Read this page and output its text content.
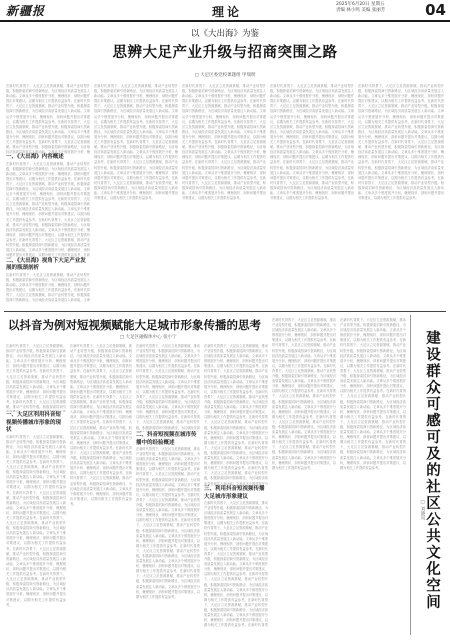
新疆报	理论
2025年6月20日 星期五
责编 林小鸣 美编 张丽芳	04
以《大出海》为鉴
思辨大足产业升级与招商突围之路
□ 大足区委党校课题组 甲瑞明
在新时代背景下，大足区立足资源禀赋，推动产业转型升级，积极探索招商引资新路径，为区域经济高质量发展注入新动能。文章从多个维度展开分析，梳理现状、剖析问题并提出对策建议，以期为相关工作提供有益参考。在新时代背景下，大足区立足资源禀赋，推动产业转型升级，积极探索招商引资新路径，为区域经济高质量发展注入新动能。文章从多个维度展开分析，梳理现状、剖析问题并提出对策建议，以期为相关工作提供有益参考。在新时代背景下，大足区立足资源禀赋，推动产业转型升级，积极探索招商引资新路径，为区域经济高质量发展注入新动能。文章从多个维度展开分析，梳理现状、剖析问题并提出对策建议，以期为相关工作提供有益参考。在新时代背景下，大足区立足资源禀赋，推动产业转型升级，积极探索招商引资新路径，为区域经济高质量发展注入新动能。文章从多个维度展开分析，梳
一、《大出海》内容概述
在新时代背景下，大足区立足资源禀赋，推动产业转型升级，积极探索招商引资新路径，为区域经济高质量发展注入新动能。文章从多个维度展开分析，梳理现状、剖析问题并提出对策建议，以期为相关工作提供有益参考。在新时代背景下，大足区立足资源禀赋，推动产业转型升级，积极探索招商引资新路径，为区域经济高质量发展注入新动能。文章从多个维度展开分析，梳理现状、剖析问题并提出对策建议，以期为相关工作提供有益参考。在新时代背景下，大足区立足资源禀赋，推动产业转型升级，积极探索招商引资新路径，为区域经济高质量发展注入新动能。文章从多个维度展开分析，梳理现状、剖析问题并提出对策建议，以期为相关工作提供有益参考。在新时代背景下，大足区立足资源禀赋，推动产业转型升级，积极探索招商引资新路径，为区域经济高质量发展注入新动能。文章从多个维度展开分析，梳理现状、剖析问题并提出对策建议，以期为相关工作提供有益参考。在新时代背景下，大足区立足资源禀赋，推动产业转型升级，积极探索招商引资新路径，为区域经济高质量发展注入新动能。文章从多个维度展开分析，梳理现状、剖析问题并提出对策建议，以期为相关工作提供有益参考。在新
二、《大出海》视角下大足产业发展的瓶颈剖析
在新时代背景下，大足区立足资源禀赋，推动产业转型升级，积极探索招商引资新路径，为区域经济高质量发展注入新动能。文章从多个维度展开分析，梳理现状、剖析问题并提出对策建议，以期为相关工作提供有益参考。在新时代背景下，大足区立足资源禀赋，推动产业转型升级，积极探索招商引资新路径，为区域经济高质量发展注入新动能。文章
在新时代背景下，大足区立足资源禀赋，推动产业转型升级，积极探索招商引资新路径，为区域经济高质量发展注入新动能。文章从多个维度展开分析，梳理现状、剖析问题并提出对策建议，以期为相关工作提供有益参考。在新时代背景下，大足区立足资源禀赋，推动产业转型升级，积极探索招商引资新路径，为区域经济高质量发展注入新动能。文章从多个维度展开分析，梳理现状、剖析问题并提出对策建议，以期为相关工作提供有益参考。在新时代背景下，大足区立足资源禀赋，推动产业转型升级，积极探索招商引资新路径，为区域经济高质量发展注入新动能。文章从多个维度展开分析，梳理现状、剖析问题并提出对策建议，以期为相关工作提供有益参考。在新时代背景下，大足区立足资源禀赋，推动产业转型升级，积极探索招商引资新路径，为区域经济高质量发展注入新动能。文章从多个维度展开分析，梳理现状、剖析问题并提出对策建议，以期为相关工作提供有益参考。在新时代背景下，大足区立足资源禀赋，推动产业转型升级，积极探索招商引资新路径，为区域经济高质量发展注入新动能。文章从多个维度展开分析，梳理现状、剖析问题并提出对策建议，以期为相关工作提供有益参考。在新时代背景下，大足区立足资源禀赋，推动产业转型升级，积极探索招商引资新路径，为区域经济高质量发展注入新动能。文章从多个维度展开分析，梳理现状、剖析问题并提出对策建议，以期为相关工作提供有益参考。
在新时代背景下，大足区立足资源禀赋，推动产业转型升级，积极探索招商引资新路径，为区域经济高质量发展注入新动能。文章从多个维度展开分析，梳理现状、剖析问题并提出对策建议，以期为相关工作提供有益参考。在新时代背景下，大足区立足资源禀赋，推动产业转型升级，积极探索招商引资新路径，为区域经济高质量发展注入新动能。文章从多个维度展开分析，梳理现状、剖析问题并提出对策建议，以期为相关工作提供有益参考。在新时代背景下，大足区立足资源禀赋，推动产业转型升级，积极探索招商引资新路径，为区域经济高质量发展注入新动能。文章从多个维度展开分析，梳理现状、剖析问题并提出对策建议，以期为相关工作提供有益参考。在新时代背景下，大足区立足资源禀赋，推动产业转型升级，积极探索招商引资新路径，为区域经济高质量发展注入新动能。文章从多个维度展开分析，梳理现状、剖析问题并提出对策建议，以期为相关工作提供有益参考。在新时代背景下，大足区立足资源禀赋，推动产业转型升级，积极探索招商引资新路径，为区域经济高质量发展注入新动能。文章从多个维度展开分析，梳理现状、剖析问题并提出对策建议，以期为相关工作提供有益参考。在新时代背景下，大足区立足资源禀赋，推动产业转型升级，积极探索招商引资新路径，为区域经济高质量发展注入新动能。文章从多个维度展开分析，梳理现状、剖析问题并提出对策建议，以期为相关工作提供有益参考。
在新时代背景下，大足区立足资源禀赋，推动产业转型升级，积极探索招商引资新路径，为区域经济高质量发展注入新动能。文章从多个维度展开分析，梳理现状、剖析问题并提出对策建议，以期为相关工作提供有益参考。在新时代背景下，大足区立足资源禀赋，推动产业转型升级，积极探索招商引资新路径，为区域经济高质量发展注入新动能。文章从多个维度展开分析，梳理现状、剖析问题并提出对策建议，以期为相关工作提供有益参考。在新时代背景下，大足区立足资源禀赋，推动产业转型升级，积极探索招商引资新路径，为区域经济高质量发展注入新动能。文章从多个维度展开分析，梳理现状、剖析问题并提出对策建议，以期为相关工作提供有益参考。在新时代背景下，大足区立足资源禀赋，推动产业转型升级，积极探索招商引资新路径，为区域经济高质量发展注入新动能。文章从多个维度展开分析，梳理现状、剖析问题并提出对策建议，以期为相关工作提供有益参考。在新时代背景下，大足区立足资源禀赋，推动产业转型升级，积极探索招商引资新路径，为区域经济高质量发展注入新动能。文章从多个维度展开分析，梳理现状、剖析问题并提出对策建议，以期为相关工作提供有益参考。在新时代背景下，大足区立足资源禀赋，推动产业转型升级，积极探索招商引资新路径，为区域经济高质量发展注入新动能。文章从多个维度展开分析，梳理现状、剖析问题并提出对策建议，以期为相关工作提供有益参考。
在新时代背景下，大足区立足资源禀赋，推动产业转型升级，积极探索招商引资新路径，为区域经济高质量发展注入新动能。文章从多个维度展开分析，梳理现状、剖析问题并提出对策建议，以期为相关工作提供有益参考。在新时代背景下，大足区立足资源禀赋，推动产业转型升级，积极探索招商引资新路径，为区域经济高质量发展注入新动能。文章从多个维度展开分析，梳理现状、剖析问题并提出对策建议，以期为相关工作提供有益参考。在新时代背景下，大足区立足资源禀赋，推动产业转型升级，积极探索招商引资新路径，为区域经济高质量发展注入新动能。文章从多个维度展开分析，梳理现状、剖析问题并提出对策建议，以期为相关工作提供有益参考。在新时代背景下，大足区立足资源禀赋，推动产业转型升级，积极探索招商引资新路径，为区域经济高质量发展注入新动能。文章从多个维度展开分析，梳理现状、剖析问题并提出对策建议，以期为相关工作提供有益参考。在新时代背景下，大足区立足资源禀赋，推动产业转型升级，积极探索招商引资新路径，为区域经济高质量发展注入新动能。文章从多个维度展开分析，梳理现状、剖析问题并提出对策建议，以期为相关工作提供有益参考。在新时代背景下，大足区立足资源禀赋，推动产业转型升级，积极探索招商引资新路径，为区域经济高质量发展注入新动能。文章从多个维度展开分析，梳理现状、剖析问题并提出对策建议，以期为相关工作提供有益参考。
以抖音为例对短视频赋能大足城市形象传播的思考
□ 大足区融媒体中心 张小宁
在新时代背景下，大足区立足资源禀赋，推动产业转型升级，积极探索招商引资新路径，为区域经济高质量发展注入新动能。文章从多个维度展开分析，梳理现状、剖析问题并提出对策建议，以期为相关工作提供有益参考。在新时代背景下，大足区立足资源禀赋，推动产业转型升级，积极探索招商引资新路径，为区域经济高质量发展注入新动能。文章从多个维度展开分析，梳理现状、剖析问题并提出对策建议，以期为相关工作提供有益参考。在新时代背景下，大足区立足资源禀赋，推动产业转型升级，积极探索招商引
一、大足区利用抖音短视频传播城市形象的现状
在新时代背景下，大足区立足资源禀赋，推动产业转型升级，积极探索招商引资新路径，为区域经济高质量发展注入新动能。文章从多个维度展开分析，梳理现状、剖析问题并提出对策建议，以期为相关工作提供有益参考。在新时代背景下，大足区立足资源禀赋，推动产业转型升级，积极探索招商引资新路径，为区域经济高质量发展注入新动能。文章从多个维度展开分析，梳理现状、剖析问题并提出对策建议，以期为相关工作提供有益参考。在新时代背景下，大足区立足资源禀赋，推动产业转型升级，积极探索招商引资新路径，为区域经济高质量发展注入新动能。文章从多个维度展开分析，梳理现状、剖析问题并提出对策建议，以期为相关工作提供有益参考。在新时代背景下，大足区立足资源禀赋，推动产业转型升级，积极探索招商引资新路径，为区域经济高质量发展注入新动能。文章从多个维度展开分析，梳理现状、剖析问题并提出对策建议，以期为相关工作提供有益参考。在新时代背景下，大足区立足资源禀赋，推动产业转型升级，积极探索招商引资新路径，为区域经济高质量发展注入新动能。文章从多个维度展开分析，梳理现状、剖析问题并提出对策建议，以期为相关工作提供有益参考。在新时代背景下，大足区立足资源禀赋，推动产业转型升级，积极探索招商引资新路径，为区域经济高质量发展注入新动能。文章从多个维度展开分析，梳理现状、剖析问题并提出对策建议，以期为相关工作提供有益参考。
在新时代背景下，大足区立足资源禀赋，推动产业转型升级，积极探索招商引资新路径，为区域经济高质量发展注入新动能。文章从多个维度展开分析，梳理现状、剖析问题并提出对策建议，以期为相关工作提供有益参考。在新时代背景下，大足区立足资源禀赋，推动产业转型升级，积极探索招商引资新路径，为区域经济高质量发展注入新动能。文章从多个维度展开分析，梳理现状、剖析问题并提出对策建议，以期为相关工作提供有益参考。在新时代背景下，大足区立足资源禀赋，推动产业转型升级，积极探索招商引资新路径，为区域经济高质量发展注入新动能。文章从多个维度展开分析，梳理现状、剖析问题并提出对策建议，以期为相关工作提供有益参考。在新时代背景下，大足区立足资源禀赋，推动产业转型升级，积极探索招商引资新路径，为区域经济高质量发展注入新动能。文章从多个维度展开分析，梳理现状、剖析问题并提出对策建议，以期为相关工作提供有益参考。在新时代背景下，大足区立足资源禀赋，推动产业转型升级，积极探索招商引资新路径，为区域经济高质量发展注入新动能。文章从多个维度展开分析，梳理现状、剖析问题并提出对策建议，以期为相关工作提供有益参考。在新时代背景下，大足区立足资源禀赋，推动产业转型升级，积极探索招商引资新路径，为区域经济高质量发展注入新动能。文章从多个维度展开分析，梳理现状、剖析问题并提出对策建议，以期为相关工作提供有益参考。
在新时代背景下，大足区立足资源禀赋，推动产业转型升级，积极探索招商引资新路径，为区域经济高质量发展注入新动能。文章从多个维度展开分析，梳理现状、剖析问题并提出对策建议，以期为相关工作提供有益参考。在新时代背景下，大足区立足资源禀赋，推动产业转型升级，积极探索招商引资新路径，为区域经济高质量发展注入新动能。文章从多个维度展开分析，梳理现状、剖析问题并提出对策建议，以期为相关工作提供有益参考。在新时代背景下，大足区立足资源禀赋，推动产业转型升级，积极探索招商引资新路径，为区域经济高质量发展注入新动能。文章从多个维度展开分析，梳理现状、剖析问题并提出对策建议，以期为相关工作提供有益参考。在新时代背景下，大足区立足资源禀赋，推动产业转型升级，积极探索招商引资新路径，为区域经济高
二、抖音短视频在城市传播中的经验概述
在新时代背景下，大足区立足资源禀赋，推动产业转型升级，积极探索招商引资新路径，为区域经济高质量发展注入新动能。文章从多个维度展开分析，梳理现状、剖析问题并提出对策建议，以期为相关工作提供有益参考。在新时代背景下，大足区立足资源禀赋，推动产业转型升级，积极探索招商引资新路径，为区域经济高质量发展注入新动能。文章从多个维度展开分析，梳理现状、剖析问题并提出对策建议，以期为相关工作提供有益参考。在新时代背景下，大足区立足资源禀赋，推动产业转型升级，积极探索招商引资新路径，为区域经济高质量发展注入新动能。文章从多个维度展开分析，梳理现状、剖析问题并提出对策建议，以期为相关工作提供有益参考。在新时代背景下，大足区立足资源禀赋，推动产业转型升级，积极探索招商引资新路径，为区域经济高质量发展注入新动能。文章从多个维度展开分析，梳理现状、剖析问题并提出对策建议，以期为相关工作提供有益参考。在新时代背景下，大足区立足资源禀赋，推动产业转型升级，积极探索招商引资新路径，为区域经济高质量发展注入新动能。文章从多个维度展开分析，梳理现状、剖析问题并提出对策建议，以期为相关工作提供有益参考。在新时代背景下，大足区立足资源禀赋，推动产业转型升级，积极探索招商引资新路径，为区域经济高质量发展注入新动能。文章从多个维度展开分析，梳理现状、剖析问题并提出对策建议，以期为相关工作提供有益参考。
在新时代背景下，大足区立足资源禀赋，推动产业转型升级，积极探索招商引资新路径，为区域经济高质量发展注入新动能。文章从多个维度展开分析，梳理现状、剖析问题并提出对策建议，以期为相关工作提供有益参考。在新时代背景下，大足区立足资源禀赋，推动产业转型升级，积极探索招商引资新路径，为区域经济高质量发展注入新动能。文章从多个维度展开分析，梳理现状、剖析问题并提出对策建议，以期为相关工作提供有益参考。在新时代背景下，大足区立足资源禀赋，推动产业转型升级，积极探索招商引资新路径，为区域经济高质量发展注入新动能。文章从多个维度展开分析，梳理现状、剖析问题并提出对策建议，以期为相关工作提供有益参考。在新时代背景下，大足区立足资源禀赋，推动产业转型升级，积极探索招商引资新路径，为区域经济高质量发展注入新动能。文章从多个维度展开分析，梳理现状、剖析问题并提出对策建议，以期为相关工作提供有益参考。在新时代背景下，大足区立足资源禀赋，推动产业转型升级，积极探索招商引资新路径，为区域经济高质量发展注入新动能。文章从多个维度展开分析，梳理现状、剖析问题并提出对策建议，以期为相关工作提供有益参考。在新时代背景下，大足区立足资源禀赋，推动产业转型升级，积极探索招商引资新路径，为区域经济高质量发展注入新动能。文章从多个维度展开分
三、利用抖音短视频传播大足城市形象建议
在新时代背景下，大足区立足资源禀赋，推动产业转型升级，积极探索招商引资新路径，为区域经济高质量发展注入新动能。文章从多个维度展开分析，梳理现状、剖析问题并提出对策建议，以期为相关工作提供有益参考。在新时代背景下，大足区立足资源禀赋，推动产业转型升级，积极探索招商引资新路径，为区域经济高质量发展注入新动能。文章从多个维度展开分析，梳理现状、剖析问题并提出对策建议，以期为相关工作提供有益参考。在新时代背景下，大足区立足资源禀赋，推动产业转型升级，积极探索招商引资新路径，为区域经济高质量发展注入新动能。文章从多个维度展开分析，梳理现状、剖析问题并提出对策建议，以期为相关工作提供有益参考。在新时代背景下，大足区立足资源禀赋，推动产业转型升级，积极探索招商引资新路径，为区域经济高质量发展注入新动能。文章从多个维度展开分析，梳理现状、剖析问题并提出对策建议，以期为相关工作提供有益参考。在新时代背景下，大足区立足资源禀赋，推动产业转型升级，积极探索招商引资新路径，为区域经济高质量发展注入新动能。文章从多个维度展开分析，梳理现状、剖析问题并提出对策建议，以期为相关工作提供有益参考。在新时代背景
在新时代背景下，大足区立足资源禀赋，推动产业转型升级，积极探索招商引资新路径，为区域经济高质量发展注入新动能。文章从多个维度展开分析，梳理现状、剖析问题并提出对策建议，以期为相关工作提供有益参考。在新时代背景下，大足区立足资源禀赋，推动产业转型升级，积极探索招商引资新路径，为区域经济高质量发展注入新动能。文章从多个维度展开分析，梳理现状、剖析问题并提出对策建议，以期为相关工作提供有益参考。在新时代背景下，大足区立足资源禀赋，推动产业转型升级，积极探索招商引资新路径，为区域经济高质量发展注入新动能。文章从多个维度展开分析，梳理现状、剖析问题并提出对策建议，以期为相关工作提供有益参考。在新时代背景下，大足区立足资源禀赋，推动产业转型升级，积极探索招商引资新路径，为区域经济高质量发展注入新动能。文章从多个维度展开分析，梳理现状、剖析问题并提出对策建议，以期为相关工作提供有益参考。在新时代背景下，大足区立足资源禀赋，推动产业转型升级，积极探索招商引资新路径，为区域经济高质量发展注入新动能。文章从多个维度展开分析，梳理现状、剖析问题并提出对策建议，以期为相关工作提供有益参考。在新时代背景下，大足区立足资源禀赋，推动产业转型升级，积极探索招商引资新路径，为区域经济高质量发展注入新动能。文章从多个维度展开分析，梳理现状、剖析问题并提出对策建议，以期为相关工作提供有益参考。
在新时代背景下，大足区立足资源禀赋，推动产业转型升级，积极探索招商引资新路径，为区域经济高质量发展注入新动能。文章从多个维度展开分析，梳理现状、剖析问题并提出对策建议，以期为相关工作提供有益参考。在新时代背景下，大足区立足资源禀赋，推动产业转型升级，积极探索招商引资新路径，为区域经济高质量发展注入新动能。文章从多个维度展开分析，梳理现状、剖析问题并提出对策建议，以期为相关工作提供有益参考。在新时代背景下，大足区立足资源禀赋，推动产业转型升级，积极探索招商引资新路径，为区域经济高质量发展注入新动能。文章从多个维度展开分析，梳理现状、剖析问题并提出对策建议，以期为相关工作提供有益参考。在新时代背景下，大足区立足资源禀赋，推动产业转型升级，积极探索招商引资新路径，为区域经济高质量发展注入新动能。文章从多个维度展开分析，梳理现状、剖析问题并提出对策建议，以期为相关工作提供有益参考。在新时代背景下，大足区立足资源禀赋，推动产业转型升级，积极探索招商引资新路径，为区域经济高质量发展注入新动能。文章从多个维度展开分析，梳理现状、剖析问题并提出对策建议，以期为相关工作提供有益参考。在新时代背景下，大足区立足资源禀赋，推动产业转型升级，积极探索招商引资新路径，为区域经济高质量发展注入新动能。文章从多个维度展开分析，梳理现状、剖析问题并提出对策建议，以期为相关工作提供有益参考。	建设群众可感可及的社区公共文化空间
□ 刘晓凤
